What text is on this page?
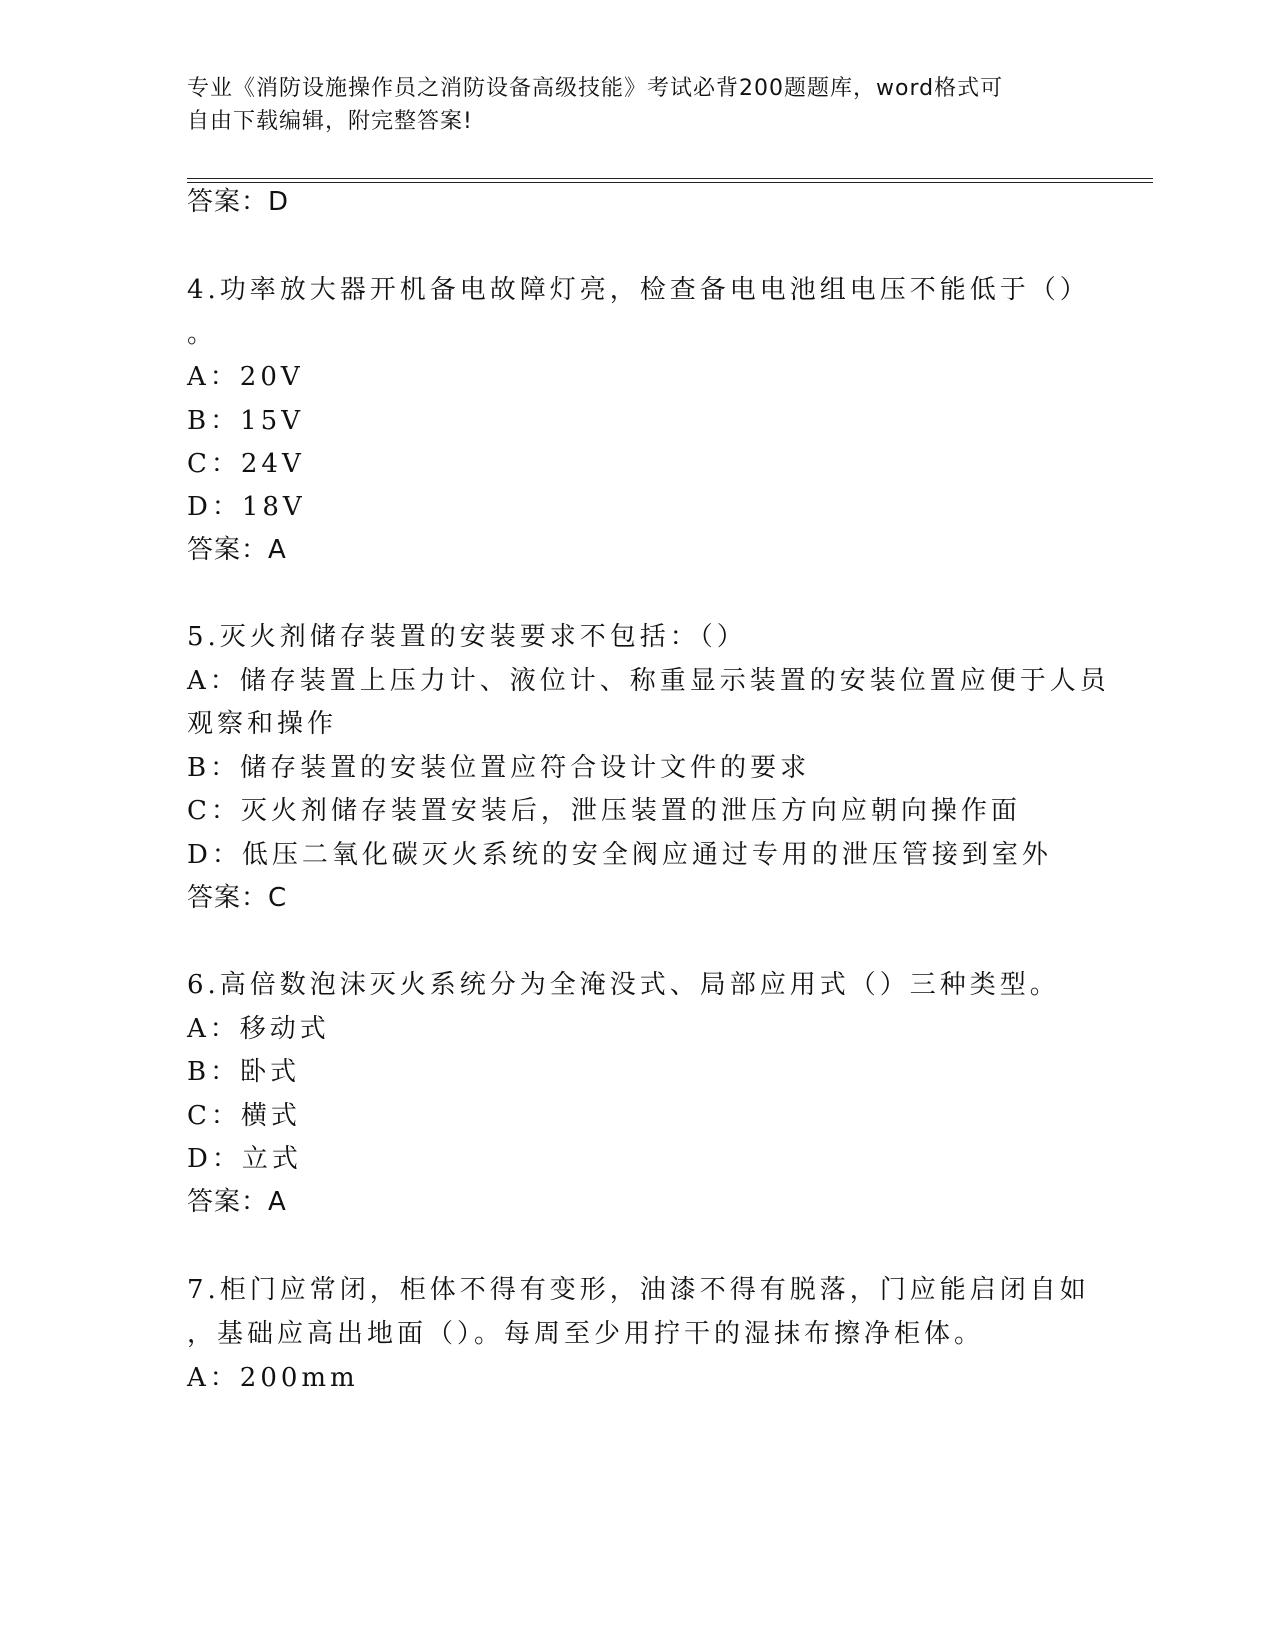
专业《消防设施操作员之消防设备高级技能》考试必背200题题库，word格式可
自由下载编辑，附完整答案!
答案：D
4.功率放大器开机备电故障灯亮，检查备电电池组电压不能低于（）
。
A：20V
B：15V
C：24V
D：18V
答案：A
5.灭火剂储存装置的安装要求不包括：（）
A：储存装置上压力计、液位计、称重显示装置的安装位置应便于人员
观察和操作
B：储存装置的安装位置应符合设计文件的要求
C：灭火剂储存装置安装后，泄压装置的泄压方向应朝向操作面
D：低压二氧化碳灭火系统的安全阀应通过专用的泄压管接到室外
答案：C
6.高倍数泡沫灭火系统分为全淹没式、局部应用式（）三种类型。
A：移动式
B：卧式
C：横式
D：立式
答案：A
7.柜门应常闭，柜体不得有变形，油漆不得有脱落，门应能启闭自如
，基础应高出地面（）。每周至少用拧干的湿抹布擦净柜体。
A：200mm
